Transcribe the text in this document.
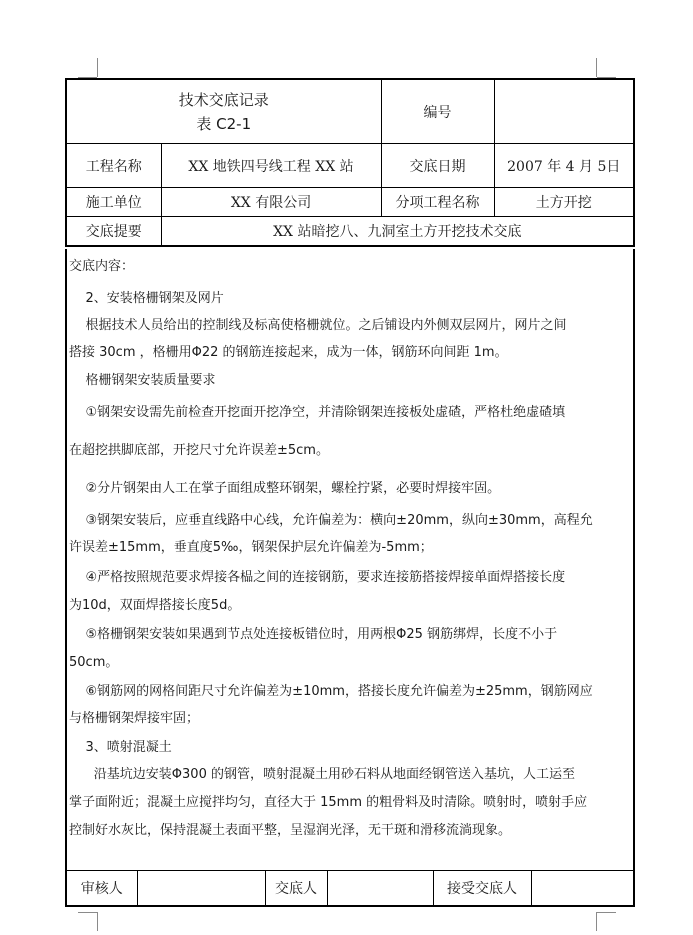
技术交底记录
表 C2-1		编号	
工程名称	XX 地铁四号线工程 XX 站	交底日期	2007 年 4 月 5日
施工单位	XX 有限公司	分项工程名称	土方开挖
交底提要	XX 站暗挖八、九洞室土方开挖技术交底		
交底内容：
2、安装格栅钢架及网片
根据技术人员给出的控制线及标高使格栅就位。之后铺设内外侧双层网片，网片之间
搭接 30cm ，格栅用Φ22 的钢筋连接起来，成为一体，钢筋环向间距 1m。
格栅钢架安装质量要求
①钢架安设需先前检查开挖面开挖净空，并清除钢架连接板处虚碴，严格杜绝虚碴填
在超挖拱脚底部，开挖尺寸允许误差±5cm。
②分片钢架由人工在掌子面组成整环钢架，螺栓拧紧，必要时焊接牢固。
③钢架安装后，应垂直线路中心线，允许偏差为：横向±20mm，纵向±30mm，高程允
许误差±15mm，垂直度5‰，钢架保护层允许偏差为-5mm；
④严格按照规范要求焊接各榀之间的连接钢筋，要求连接筋搭接焊接单面焊搭接长度
为10d，双面焊搭接长度5d。
⑤格栅钢架安装如果遇到节点处连接板错位时，用两根Φ25 钢筋绑焊，长度不小于
50cm。
⑥钢筋网的网格间距尺寸允许偏差为±10mm，搭接长度允许偏差为±25mm，钢筋网应
与格栅钢架焊接牢固；
3、喷射混凝土
沿基坑边安装Φ300 的钢管，喷射混凝土用砂石料从地面经钢管送入基坑，人工运至
掌子面附近；混凝土应搅拌均匀，直径大于 15mm 的粗骨料及时清除。喷射时，喷射手应
控制好水灰比，保持混凝土表面平整，呈湿润光泽，无干斑和滑移流淌现象。
审核人		交底人		接受交底人	
